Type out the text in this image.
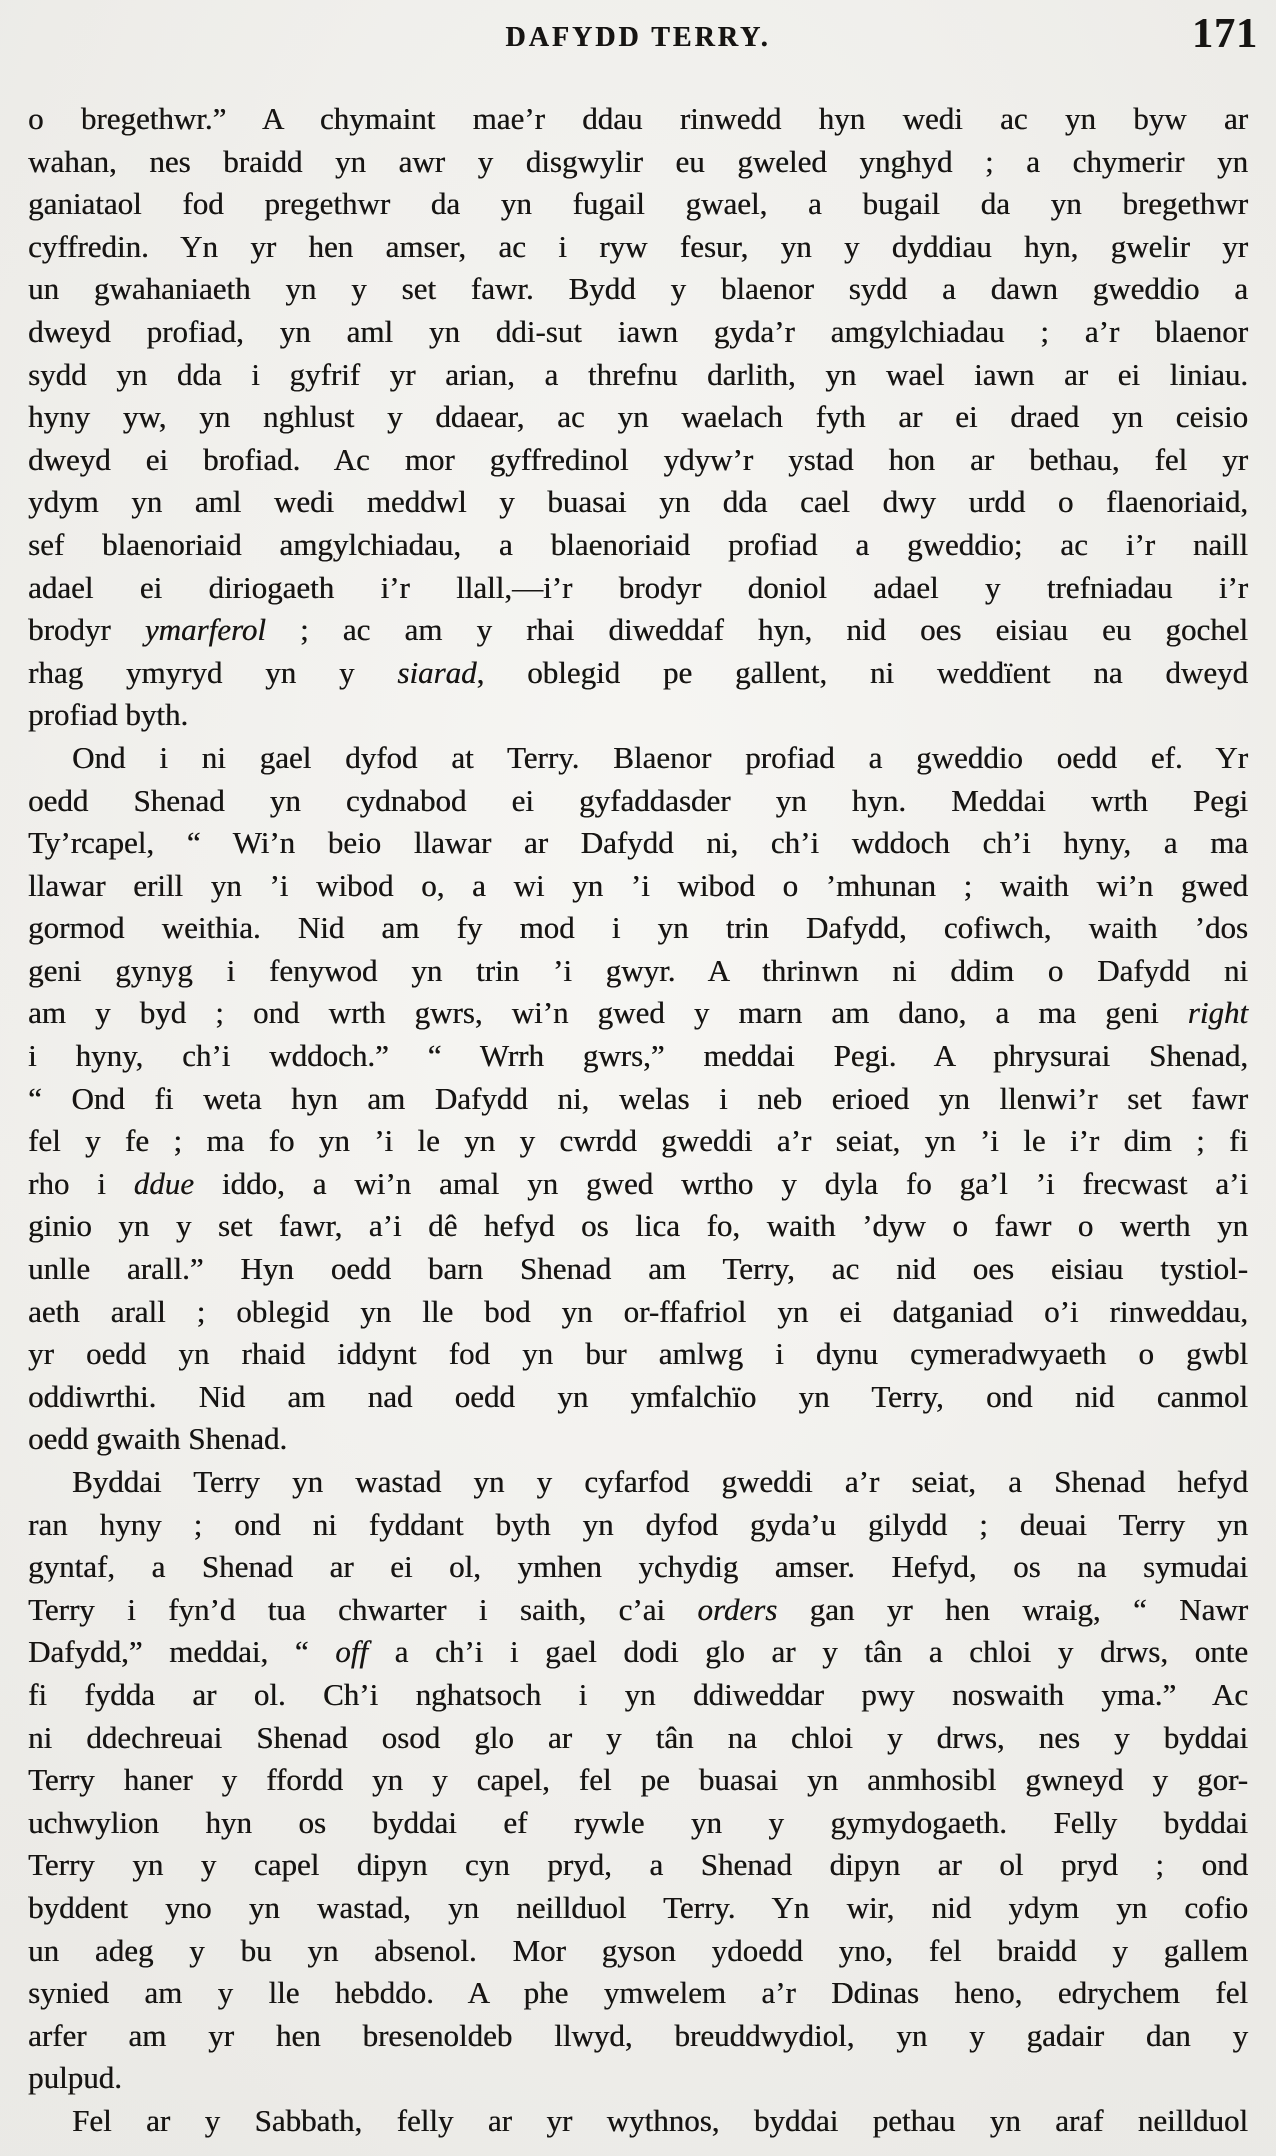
DAFYDD TERRY.	171
o bregethwr.” A chymaint mae’r ddau rinwedd hyn wedi ac yn byw ar
wahan, nes braidd yn awr y disgwylir eu gweled ynghyd ; a chymerir yn
ganiataol fod pregethwr da yn fugail gwael, a bugail da yn bregethwr
cyffredin. Yn yr hen amser, ac i ryw fesur, yn y dyddiau hyn, gwelir yr
un gwahaniaeth yn y set fawr. Bydd y blaenor sydd a dawn gweddio a
dweyd profiad, yn aml yn ddi-sut iawn gyda’r amgylchiadau ; a’r blaenor
sydd yn dda i gyfrif yr arian, a threfnu darlith, yn wael iawn ar ei liniau.
hyny yw, yn nghlust y ddaear, ac yn waelach fyth ar ei draed yn ceisio
dweyd ei brofiad. Ac mor gyffredinol ydyw’r ystad hon ar bethau, fel yr
ydym yn aml wedi meddwl y buasai yn dda cael dwy urdd o flaenoriaid,
sef blaenoriaid amgylchiadau, a blaenoriaid profiad a gweddio; ac i’r naill
adael ei diriogaeth i’r llall,—i’r brodyr doniol adael y trefniadau i’r
brodyr ymarferol ; ac am y rhai diweddaf hyn, nid oes eisiau eu gochel
rhag ymyryd yn y siarad, oblegid pe gallent, ni weddïent na dweyd
profiad byth.
Ond i ni gael dyfod at Terry. Blaenor profiad a gweddio oedd ef. Yr
oedd Shenad yn cydnabod ei gyfaddasder yn hyn. Meddai wrth Pegi
Ty’rcapel, “ Wi’n beio llawar ar Dafydd ni, ch’i wddoch ch’i hyny, a ma
llawar erill yn ’i wibod o, a wi yn ’i wibod o ’mhunan ; waith wi’n gwed
gormod weithia. Nid am fy mod i yn trin Dafydd, cofiwch, waith ’dos
geni gynyg i fenywod yn trin ’i gwyr. A thrinwn ni ddim o Dafydd ni
am y byd ; ond wrth gwrs, wi’n gwed y marn am dano, a ma geni right
i hyny, ch’i wddoch.” “ Wrrh gwrs,” meddai Pegi. A phrysurai Shenad,
“ Ond fi weta hyn am Dafydd ni, welas i neb erioed yn llenwi’r set fawr
fel y fe ; ma fo yn ’i le yn y cwrdd gweddi a’r seiat, yn ’i le i’r dim ; fi
rho i ddue iddo, a wi’n amal yn gwed wrtho y dyla fo ga’l ’i frecwast a’i
ginio yn y set fawr, a’i dê hefyd os lica fo, waith ’dyw o fawr o werth yn
unlle arall.” Hyn oedd barn Shenad am Terry, ac nid oes eisiau tystiol-
aeth arall ; oblegid yn lle bod yn or-ffafriol yn ei datganiad o’i rinweddau,
yr oedd yn rhaid iddynt fod yn bur amlwg i dynu cymeradwyaeth o gwbl
oddiwrthi. Nid am nad oedd yn ymfalchïo yn Terry, ond nid canmol
oedd gwaith Shenad.
Byddai Terry yn wastad yn y cyfarfod gweddi a’r seiat, a Shenad hefyd
ran hyny ; ond ni fyddant byth yn dyfod gyda’u gilydd ; deuai Terry yn
gyntaf, a Shenad ar ei ol, ymhen ychydig amser. Hefyd, os na symudai
Terry i fyn’d tua chwarter i saith, c’ai orders gan yr hen wraig, “ Nawr
Dafydd,” meddai, “ off a ch’i i gael dodi glo ar y tân a chloi y drws, onte
fi fydda ar ol. Ch’i nghatsoch i yn ddiweddar pwy noswaith yma.” Ac
ni ddechreuai Shenad osod glo ar y tân na chloi y drws, nes y byddai
Terry haner y ffordd yn y capel, fel pe buasai yn anmhosibl gwneyd y gor-
uchwylion hyn os byddai ef rywle yn y gymydogaeth. Felly byddai
Terry yn y capel dipyn cyn pryd, a Shenad dipyn ar ol pryd ; ond
byddent yno yn wastad, yn neillduol Terry. Yn wir, nid ydym yn cofio
un adeg y bu yn absenol. Mor gyson ydoedd yno, fel braidd y gallem
synied am y lle hebddo. A phe ymwelem a’r Ddinas heno, edrychem fel
arfer am yr hen bresenoldeb llwyd, breuddwydiol, yn y gadair dan y
pulpud.
Fel ar y Sabbath, felly ar yr wythnos, byddai pethau yn araf neillduol
